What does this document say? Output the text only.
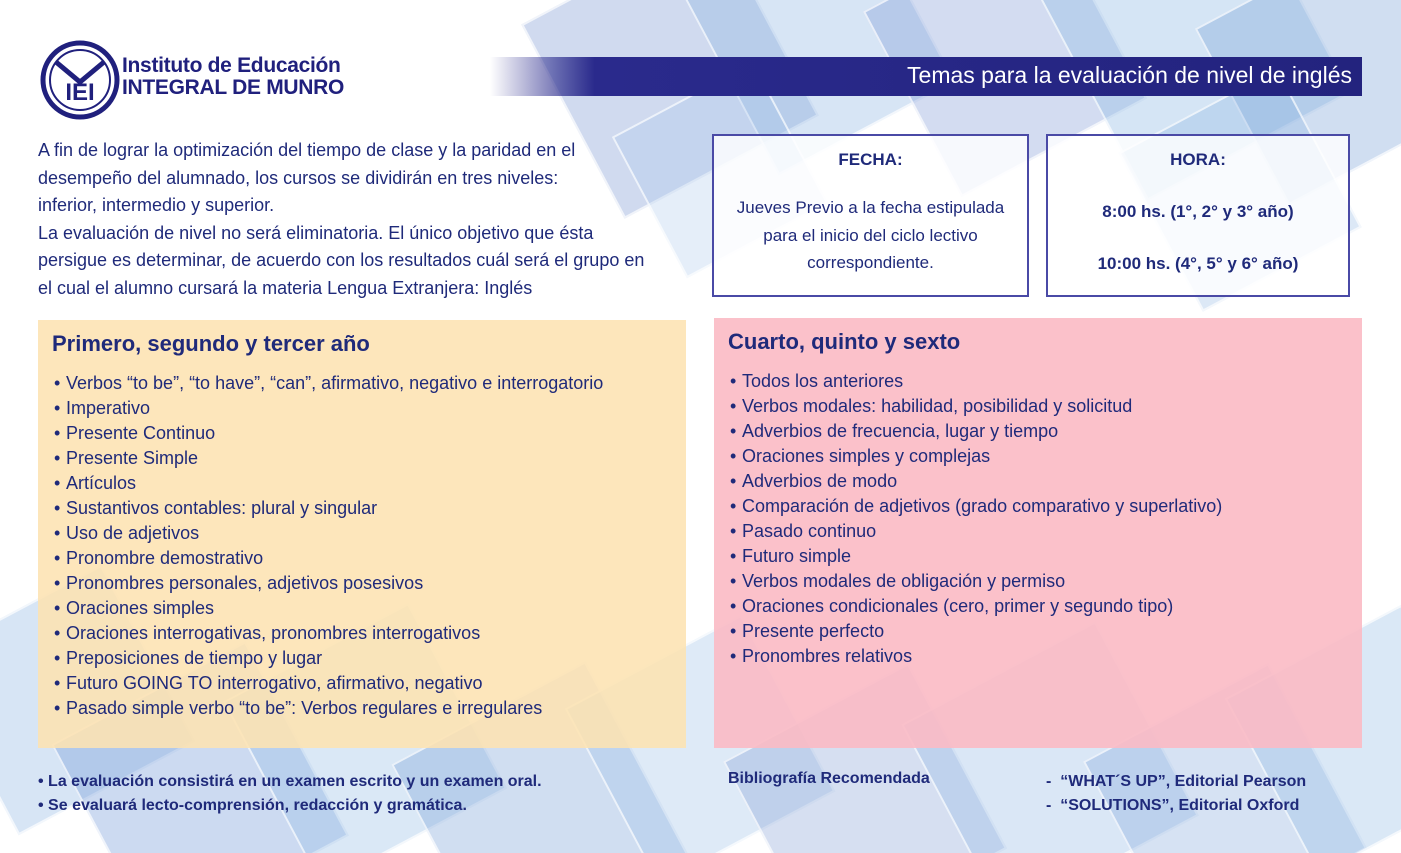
IEI
Instituto de Educación
INTEGRAL DE MUNRO	Temas para la evaluación de nivel de inglés

A fin de lograr la optimización del tiempo de clase y la paridad en el

desempeño del alumnado, los cursos se dividirán en tres niveles:

inferior, intermedio y superior.

La evaluación de nivel no será eliminatoria. El único objetivo que ésta

persigue es determinar, de acuerdo con los resultados cuál será el grupo en

el cual el alumno cursará la materia Lengua Extranjera: Inglés

FECHA:
Jueves Previo a la fecha estipulada
para el inicio del ciclo lectivo
correspondiente.
HORA:
8:00 hs. (1°, 2° y 3° año)
10:00 hs. (4°, 5° y 6° año)
Primero, segundo y tercer año
• Verbos “to be”, “to have”, “can”, afirmativo, negativo e interrogatorio
• Imperativo
• Presente Continuo
• Presente Simple
• Artículos
• Sustantivos contables: plural y singular
• Uso de adjetivos
• Pronombre demostrativo
• Pronombres personales, adjetivos posesivos
• Oraciones simples
• Oraciones interrogativas, pronombres interrogativos
• Preposiciones de tiempo y lugar
• Futuro GOING TO interrogativo, afirmativo, negativo
• Pasado simple verbo “to be”: Verbos regulares e irregulares
Cuarto, quinto y sexto
• Todos los anteriores
• Verbos modales: habilidad, posibilidad y solicitud
• Adverbios de frecuencia, lugar y tiempo
• Oraciones simples y complejas
• Adverbios de modo
• Comparación de adjetivos (grado comparativo y superlativo)
• Pasado continuo
• Futuro simple
• Verbos modales de obligación y permiso
• Oraciones condicionales (cero, primer y segundo tipo)
• Presente perfecto
• Pronombres relativos
• La evaluación consistirá en un examen escrito y un examen oral.
• Se evaluará lecto-comprensión, redacción y gramática.
Bibliografía Recomendada	-  “WHAT´S UP”, Editorial Pearson
-  “SOLUTIONS”, Editorial Oxford
